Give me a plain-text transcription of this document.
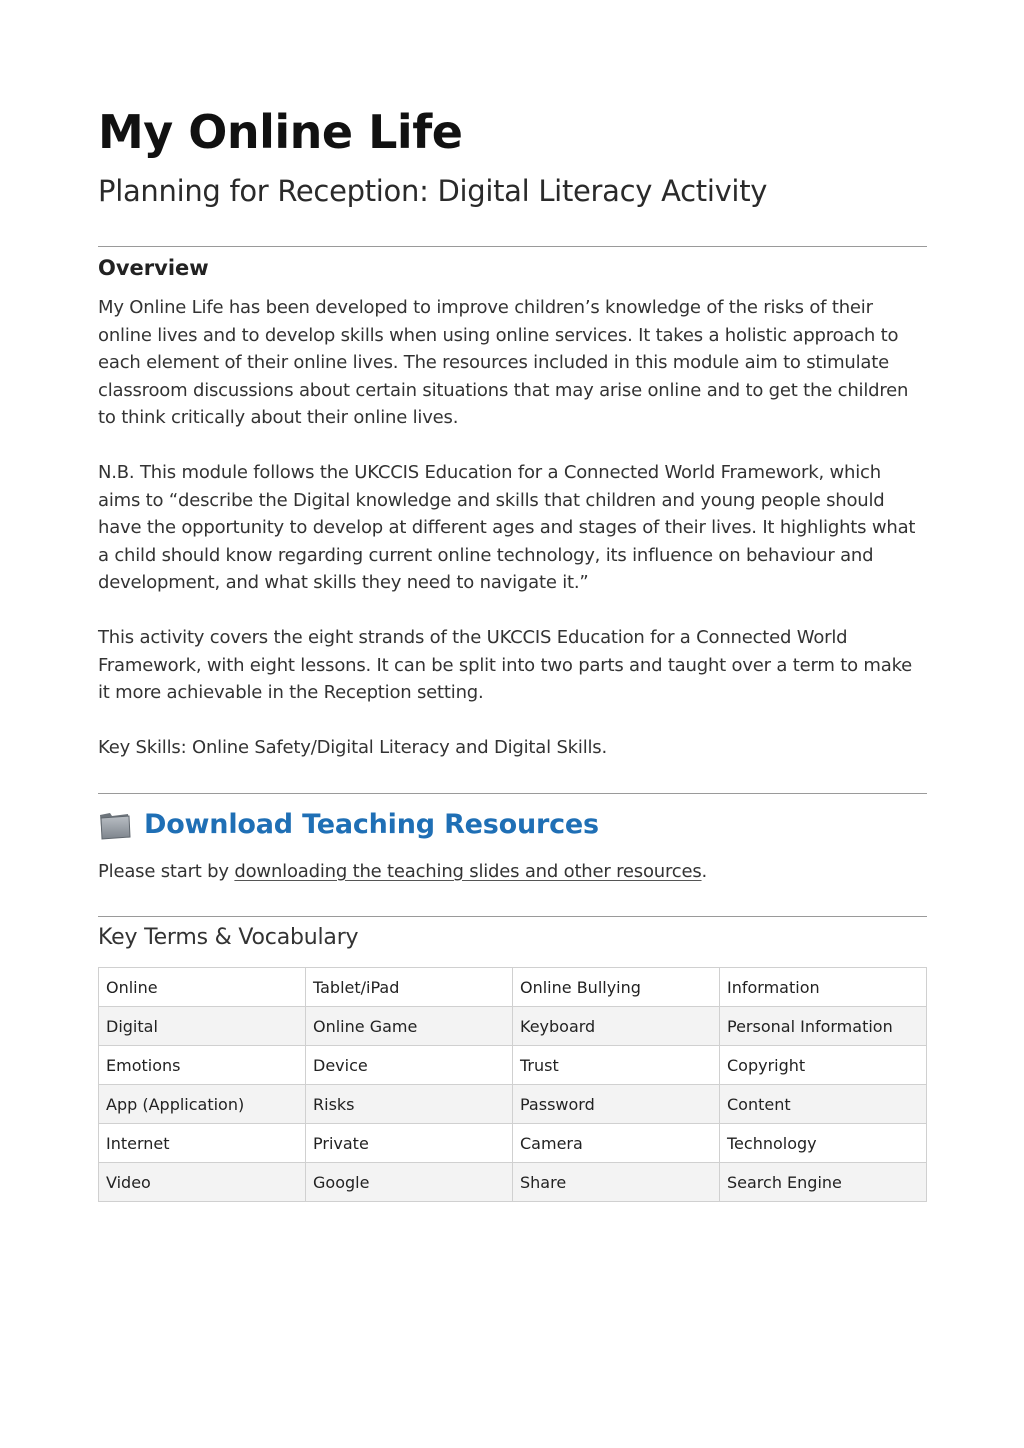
My Online Life
Planning for Reception: Digital Literacy Activity
Overview

My Online Life has been developed to improve children’s knowledge of the risks of their online lives and to develop skills when using online services. It takes a holistic approach to each element of their online lives. The resources included in this module aim to stimulate classroom discussions about certain situations that may arise online and to get the children to think critically about their online lives.

N.B. This module follows the UKCCIS Education for a Connected World Framework, which aims to “describe the Digital knowledge and skills that children and young people should have the opportunity to develop at different ages and stages of their lives. It highlights what a child should know regarding current online technology, its influence on behaviour and development, and what skills they need to navigate it.”

This activity covers the eight strands of the UKCCIS Education for a Connected World Framework, with eight lessons. It can be split into two parts and taught over a term to make it more achievable in the Reception setting.

Key Skills: Online Safety/Digital Literacy and Digital Skills.

Download Teaching Resources
Please start by downloading the teaching slides and other resources.
Key Terms & Vocabulary
Online	Tablet/iPad	Online Bullying	Information
Digital	Online Game	Keyboard	Personal Information
Emotions	Device	Trust	Copyright
App (Application)	Risks	Password	Content
Internet	Private	Camera	Technology
Video	Google	Share	Search Engine
